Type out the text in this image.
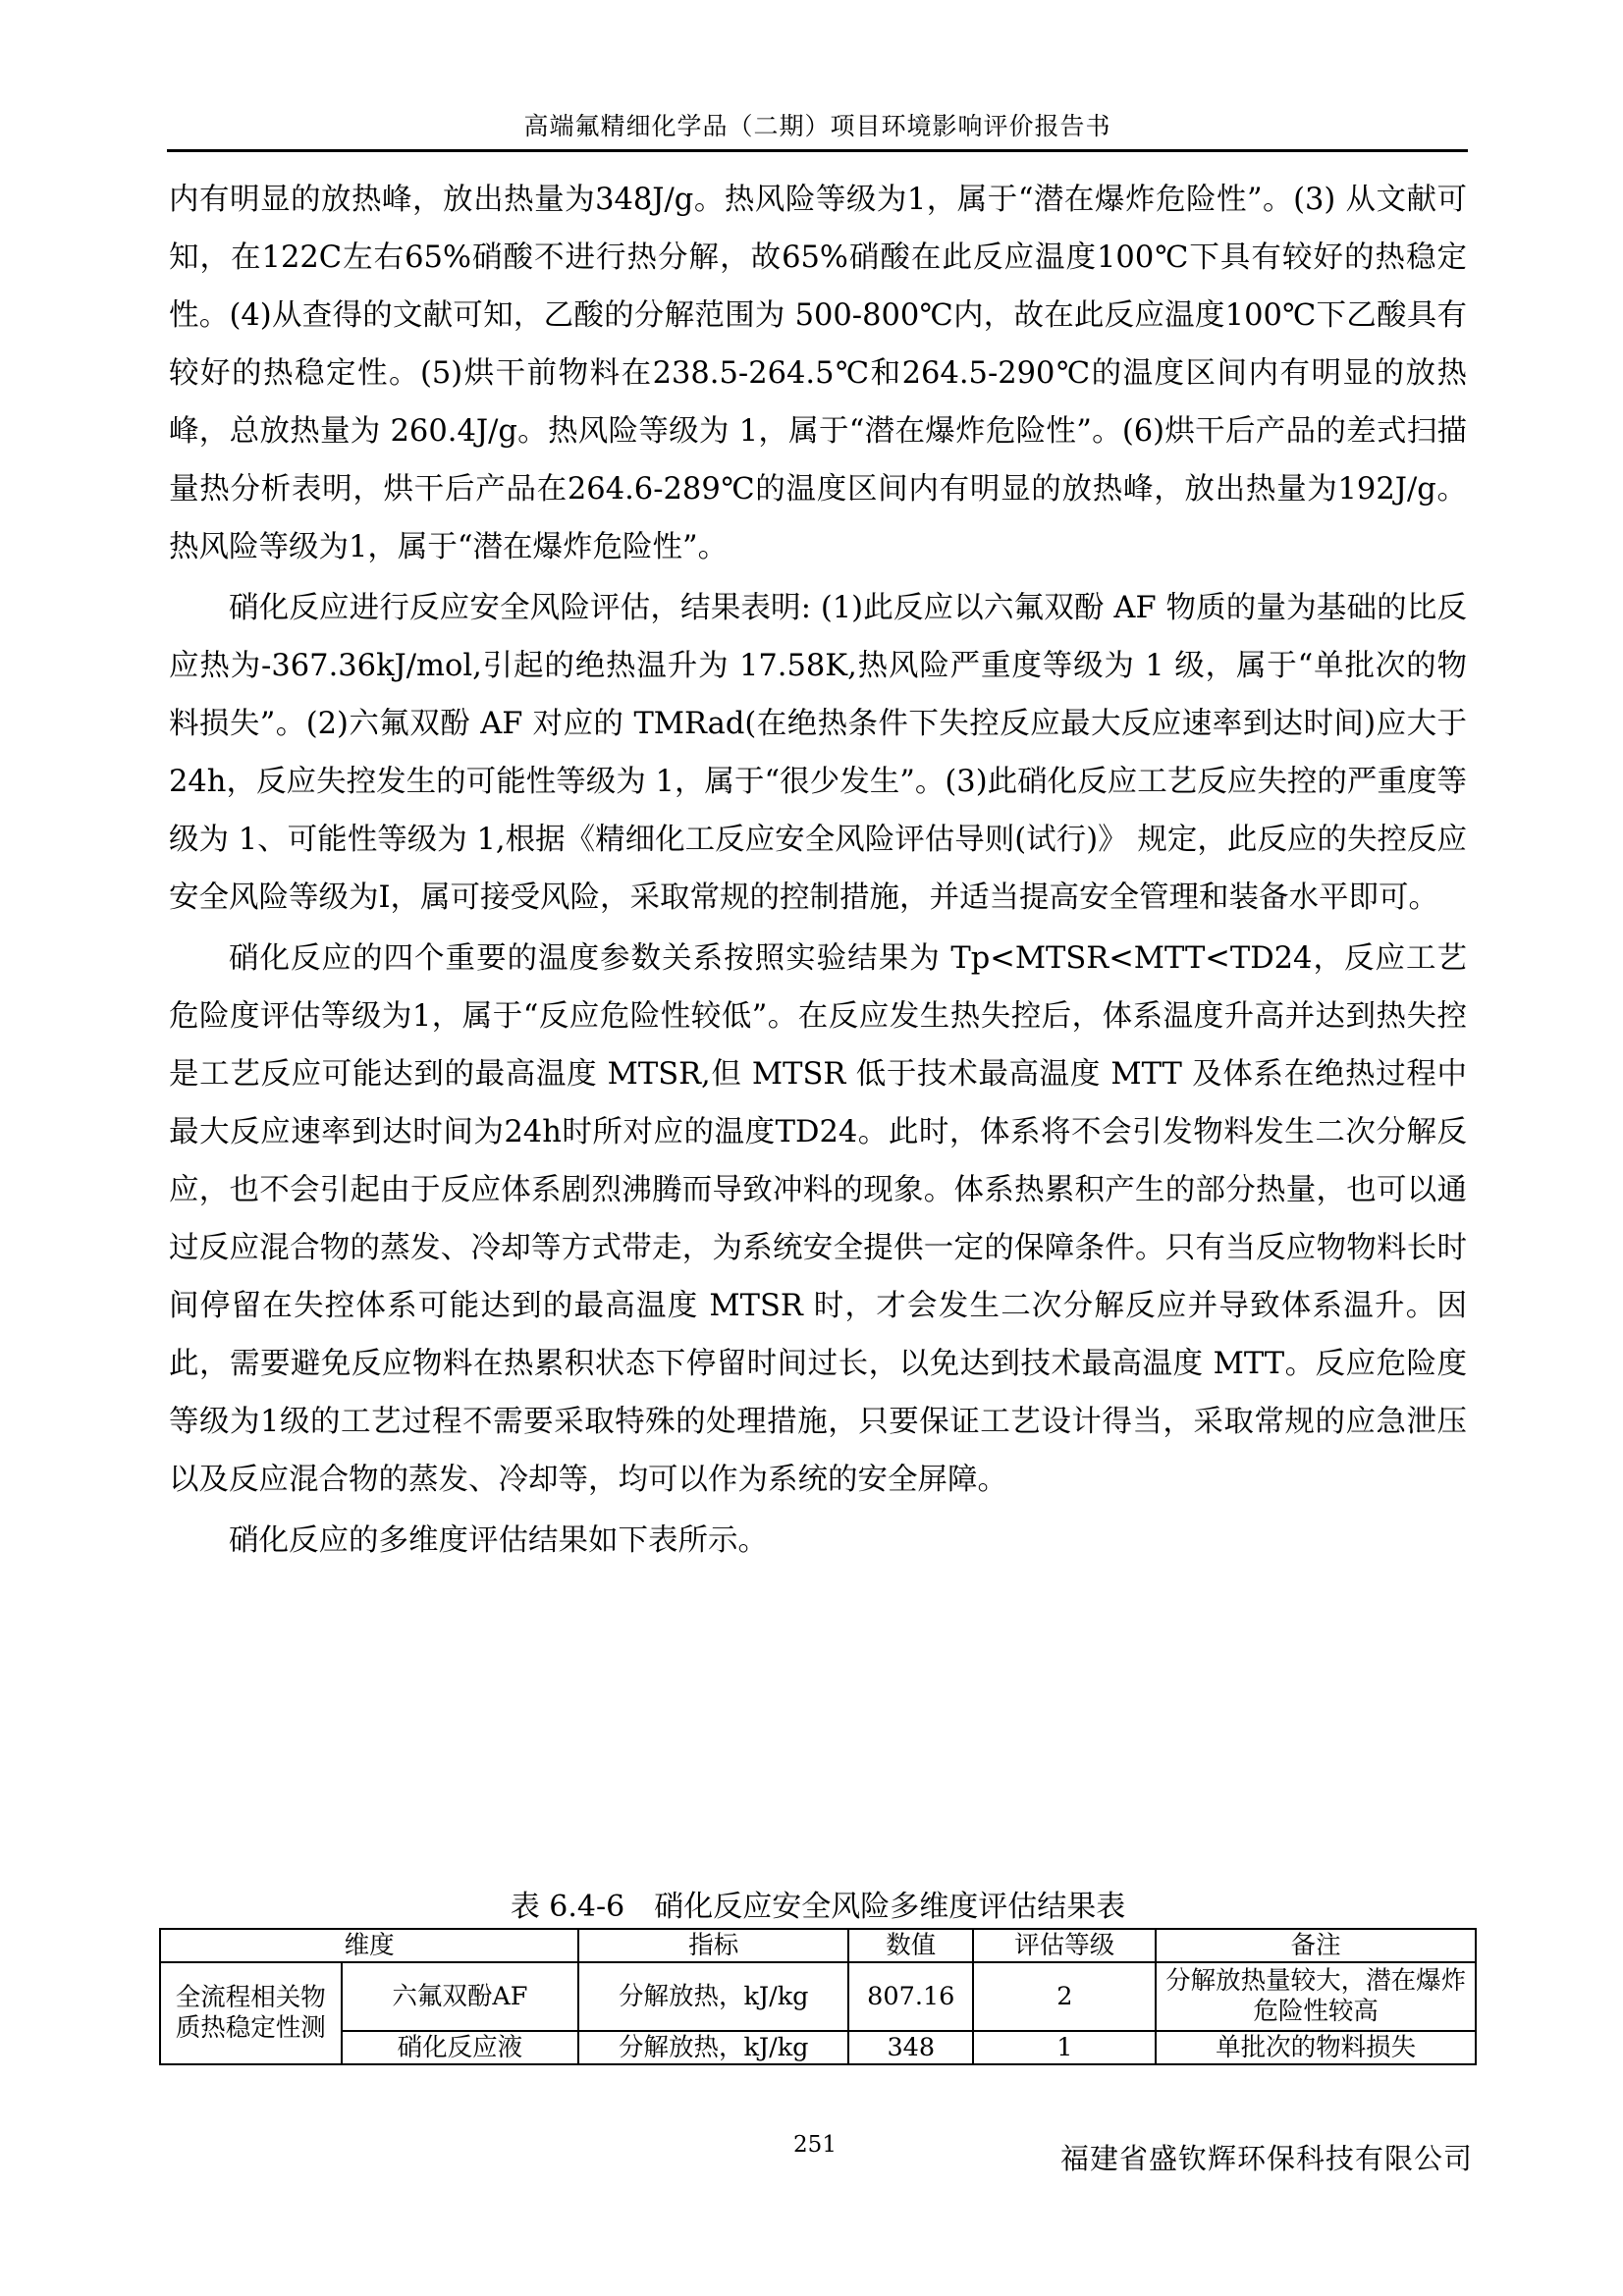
高端氟精细化学品（二期）项目环境影响评价报告书

内有明显的放热峰，放出热量为348J/g。热风险等级为1，属于“潜在爆炸危险性”。(3) 从文献可知，在122C左右65%硝酸不进行热分解，故65%硝酸在此反应温度100℃下具有较好的热稳定性。(4)从查得的文献可知，乙酸的分解范围为 500-800℃内，故在此反应温度100℃下乙酸具有较好的热稳定性。(5)烘干前物料在238.5-264.5℃和264.5-290℃的温度区间内有明显的放热峰，总放热量为 260.4J/g。热风险等级为 1，属于“潜在爆炸危险性”。(6)烘干后产品的差式扫描量热分析表明，烘干后产品在264.6-289℃的温度区间内有明显的放热峰，放出热量为192J/g。热风险等级为1，属于“潜在爆炸危险性”。

硝化反应进行反应安全风险评估，结果表明: (1)此反应以六氟双酚 AF 物质的量为基础的比反应热为-367.36kJ/mol,引起的绝热温升为 17.58K,热风险严重度等级为 1 级，属于“单批次的物料损失”。(2)六氟双酚 AF 对应的 TMRad(在绝热条件下失控反应最大反应速率到达时间)应大于 24h，反应失控发生的可能性等级为 1，属于“很少发生”。(3)此硝化反应工艺反应失控的严重度等级为 1、可能性等级为 1,根据《精细化工反应安全风险评估导则(试行)》 规定，此反应的失控反应安全风险等级为I，属可接受风险，采取常规的控制措施，并适当提高安全管理和装备水平即可。

硝化反应的四个重要的温度参数关系按照实验结果为 Tp<MTSR<MTT<TD24，反应工艺危险度评估等级为1，属于“反应危险性较低”。在反应发生热失控后，体系温度升高并达到热失控是工艺反应可能达到的最高温度 MTSR,但 MTSR 低于技术最高温度 MTT 及体系在绝热过程中最大反应速率到达时间为24h时所对应的温度TD24。此时，体系将不会引发物料发生二次分解反应，也不会引起由于反应体系剧烈沸腾而导致冲料的现象。体系热累积产生的部分热量，也可以通过反应混合物的蒸发、冷却等方式带走，为系统安全提供一定的保障条件。只有当反应物物料长时间停留在失控体系可能达到的最高温度 MTSR 时，才会发生二次分解反应并导致体系温升。因此，需要避免反应物料在热累积状态下停留时间过长，以免达到技术最高温度 MTT。反应危险度等级为1级的工艺过程不需要采取特殊的处理措施，只要保证工艺设计得当，采取常规的应急泄压以及反应混合物的蒸发、冷却等，均可以作为系统的安全屏障。

硝化反应的多维度评估结果如下表所示。

表 6.4-6　硝化反应安全风险多维度评估结果表
维度		指标	数值	评估等级	备注
全流程相关物质热稳定性测	六氟双酚AF	分解放热，kJ/kg	807.16	2	分解放热量较大，潜在爆炸危险性较高
	硝化反应液	分解放热，kJ/kg	348	1	单批次的物料损失
251	福建省盛钦辉环保科技有限公司
